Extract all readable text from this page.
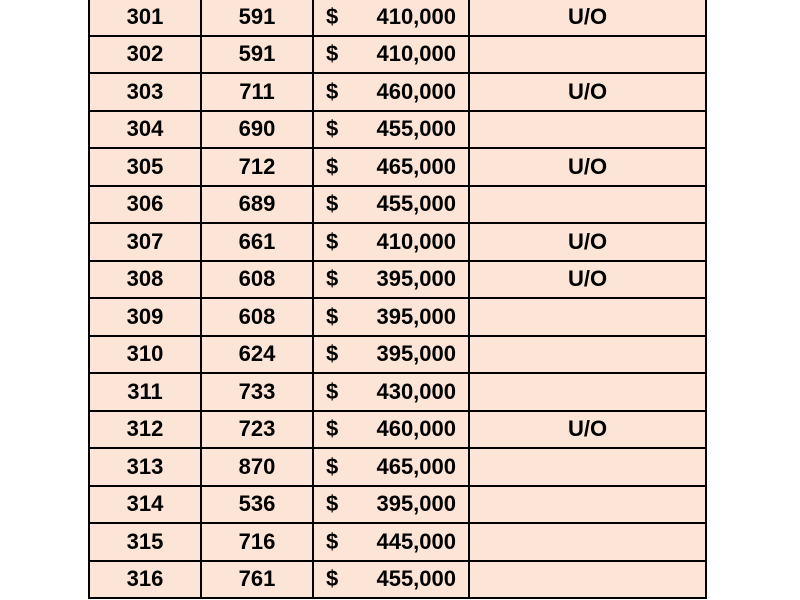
301	591	$ 410,000	U/O
302	591	$ 410,000	

303	711	$ 460,000	U/O
304	690	$ 455,000	

305	712	$ 465,000	U/O
306	689	$ 455,000	

307	661	$ 410,000	U/O
308	608	$ 395,000	U/O
309	608	$ 395,000	

310	624	$ 395,000	

311	733	$ 430,000	

312	723	$ 460,000	U/O
313	870	$ 465,000	

314	536	$ 395,000	

315	716	$ 445,000	

316	761	$ 455,000	
